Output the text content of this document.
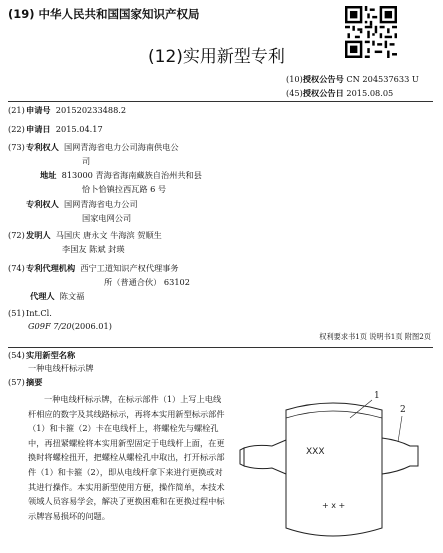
(19) 中华人民共和国国家知识产权局
(12)实用新型专利
(10)授权公告号 CN 204537633 U
(45)授权公告日 2015.08.05
(21)申请号 201520233488.2
(22)申请日 2015.04.17
(73)专利权人 国网青海省电力公司海南供电公
司
地址 813000 青海省海南藏族自治州共和县
恰卜恰镇拉西瓦路 6 号
专利权人 国网青海省电力公司
国家电网公司
(72)发明人 马国庆 唐永文 牛海滨 贺顺生
李国友 陈斌 封瑛
(74)专利代理机构 西宁工道知识产权代理事务
所（普通合伙） 63102
代理人 陈文福
(51)Int.Cl.
G09F 7/20(2006.01)
权利要求书1页 说明书1页 附图2页
(54)实用新型名称
一种电线杆标示牌
(57)摘要
一种电线杆标示牌，在标示部件（1）上写上电线杆相应的数字及其线路标示，再将本实用新型标示部件（1）和卡箍（2）卡在电线杆上，将螺栓先与螺栓孔中，再扭紧螺栓将本实用新型固定于电线杆上面，在更换时将螺栓扭开，把螺栓从螺栓孔中取出，打开标示部件（1）和卡箍（2），即从电线杆拿下来进行更换或对其进行操作。本实用新型使用方便，操作简单，本技术领域人员容易学会，解决了更换困难和在更换过程中标示牌容易损坏的问题。
XXX
+ x +
1
2
